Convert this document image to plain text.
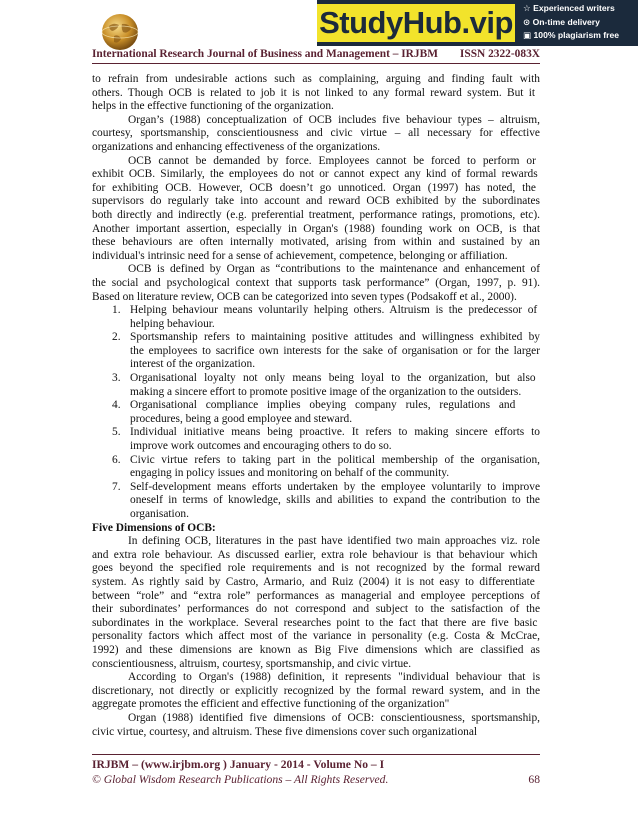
StudyHub.vip ☆ Experienced writers
⊙ On-time delivery
▣ 100% plagiarism free
International Research Journal of Business and Management – IRJBM ISSN 2322-083X
to refrain from undesirable actions such as complaining, arguing and finding fault with
others. Though OCB is related to job it is not linked to any formal reward system. But it
helps in the effective functioning of the organization.
Organ’s (1988) conceptualization of OCB includes five behaviour types – altruism,
courtesy, sportsmanship, conscientiousness and civic virtue – all necessary for effective
organizations and enhancing effectiveness of the organizations.
OCB cannot be demanded by force. Employees cannot be forced to perform or
exhibit OCB. Similarly, the employees do not or cannot expect any kind of formal rewards
for exhibiting OCB. However, OCB doesn’t go unnoticed. Organ (1997) has noted, the
supervisors do regularly take into account and reward OCB exhibited by the subordinates
both directly and indirectly (e.g. preferential treatment, performance ratings, promotions, etc).
Another important assertion, especially in Organ's (1988) founding work on OCB, is that
these behaviours are often internally motivated, arising from within and sustained by an
individual's intrinsic need for a sense of achievement, competence, belonging or affiliation.
OCB is defined by Organ as “contributions to the maintenance and enhancement of
the social and psychological context that supports task performance” (Organ, 1997, p. 91).
Based on literature review, OCB can be categorized into seven types (Podsakoff et al., 2000).
1. Helping behaviour means voluntarily helping others. Altruism is the predecessor of
helping behaviour.
2. Sportsmanship refers to maintaining positive attitudes and willingness exhibited by
the employees to sacrifice own interests for the sake of organisation or for the larger
interest of the organization.
3. Organisational loyalty not only means being loyal to the organization, but also
making a sincere effort to promote positive image of the organization to the outsiders.
4. Organisational compliance implies obeying company rules, regulations and
procedures, being a good employee and steward.
5. Individual initiative means being proactive. It refers to making sincere efforts to
improve work outcomes and encouraging others to do so.
6. Civic virtue refers to taking part in the political membership of the organisation,
engaging in policy issues and monitoring on behalf of the community.
7. Self-development means efforts undertaken by the employee voluntarily to improve
oneself in terms of knowledge, skills and abilities to expand the contribution to the
organisation.
Five Dimensions of OCB:
In defining OCB, literatures in the past have identified two main approaches viz. role
and extra role behaviour. As discussed earlier, extra role behaviour is that behaviour which
goes beyond the specified role requirements and is not recognized by the formal reward
system. As rightly said by Castro, Armario, and Ruiz (2004) it is not easy to differentiate
between “role” and “extra role” performances as managerial and employee perceptions of
their subordinates’ performances do not correspond and subject to the satisfaction of the
subordinates in the workplace. Several researches point to the fact that there are five basic
personality factors which affect most of the variance in personality (e.g. Costa & McCrae,
1992) and these dimensions are known as Big Five dimensions which are classified as
conscientiousness, altruism, courtesy, sportsmanship, and civic virtue.
According to Organ's (1988) definition, it represents "individual behaviour that is
discretionary, not directly or explicitly recognized by the formal reward system, and in the
aggregate promotes the efficient and effective functioning of the organization"
Organ (1988) identified five dimensions of OCB: conscientiousness, sportsmanship,
civic virtue, courtesy, and altruism. These five dimensions cover such organizational
IRJBM – (www.irjbm.org ) January - 2014 - Volume No – I
© Global Wisdom Research Publications – All Rights Reserved.	68
